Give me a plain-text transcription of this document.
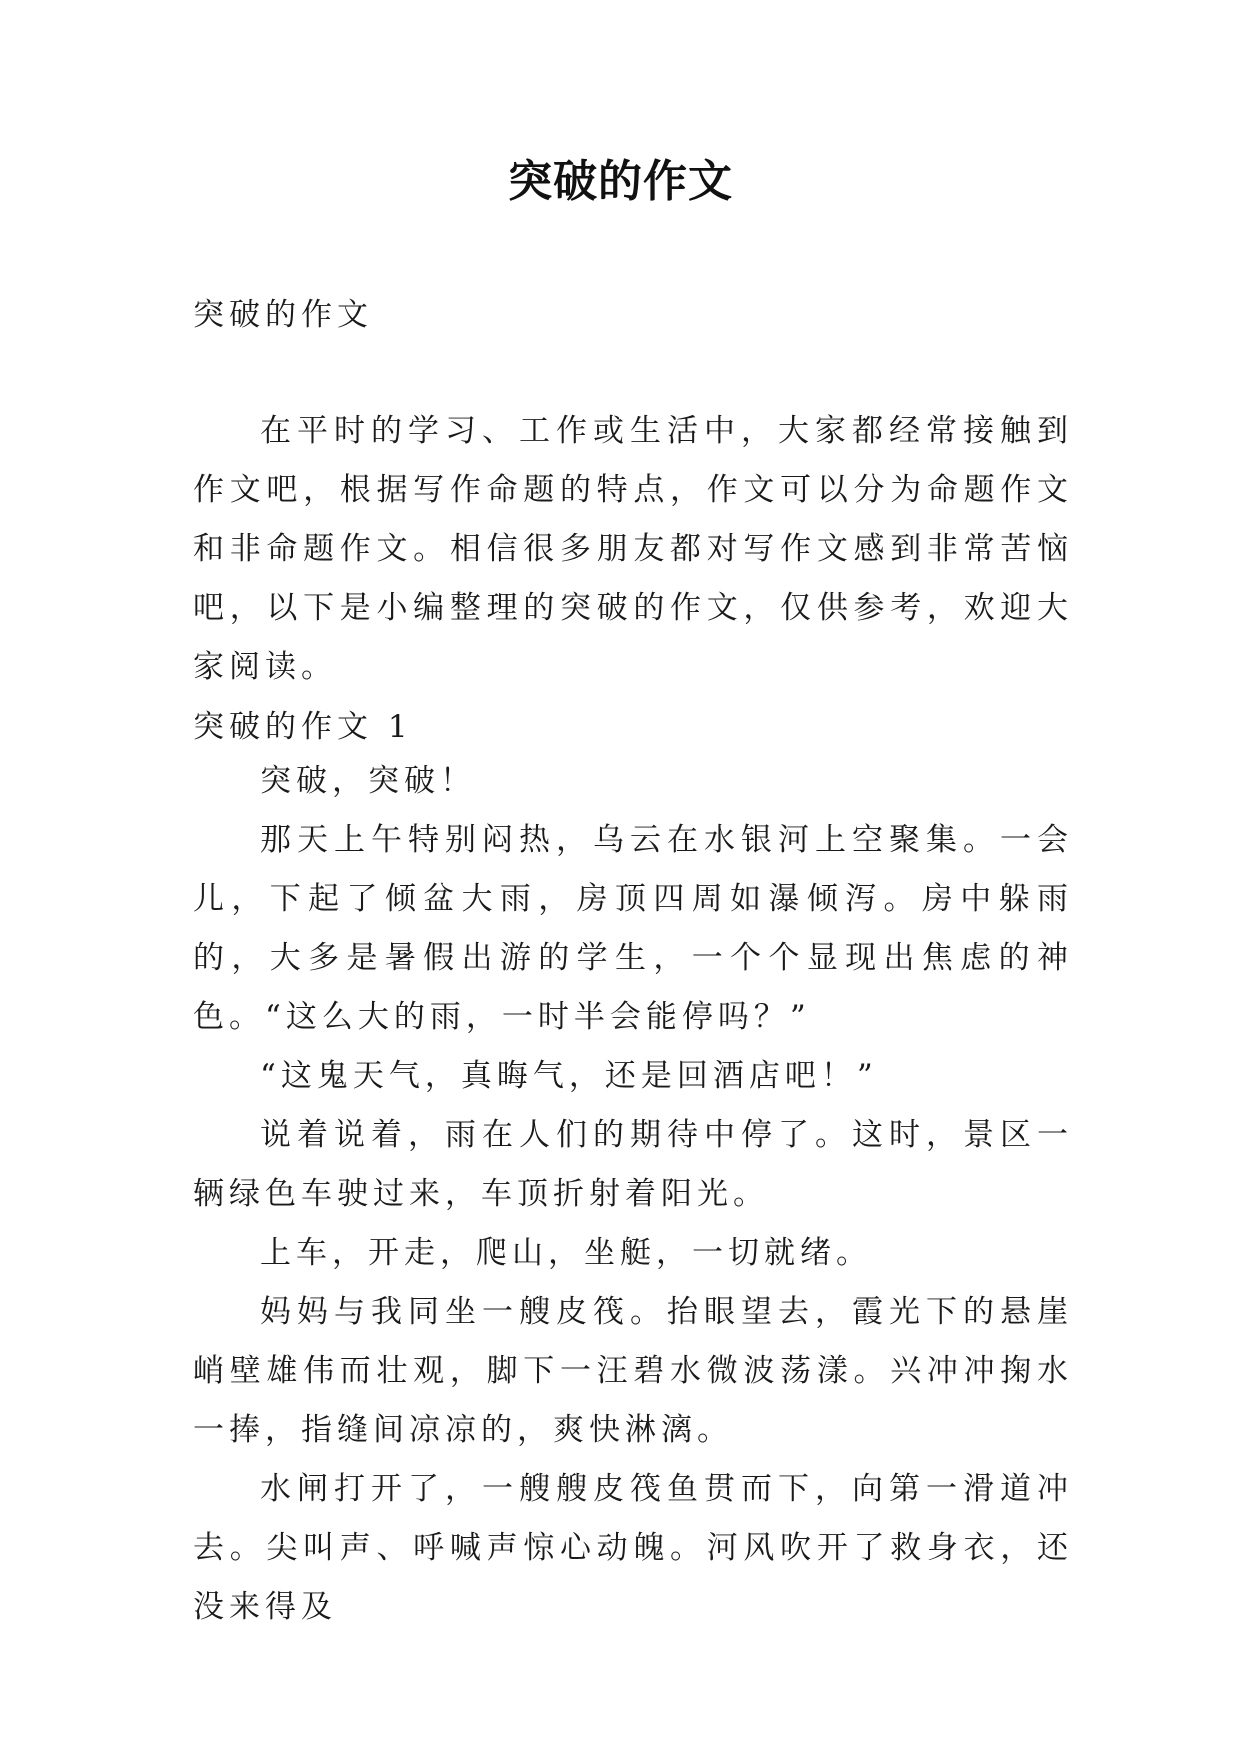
突破的作文
突破的作文

在平时的学习、工作或生活中，大家都经常接触到作文吧，根据写作命题的特点，作文可以分为命题作文和非命题作文。相信很多朋友都对写作文感到非常苦恼吧，以下是小编整理的突破的作文，仅供参考，欢迎大家阅读。

突破的作文 1

突破，突破！

那天上午特别闷热，乌云在水银河上空聚集。一会儿，下起了倾盆大雨，房顶四周如瀑倾泻。房中躲雨的，大多是暑假出游的学生，一个个显现出焦虑的神色。“这么大的雨，一时半会能停吗？”

“这鬼天气，真晦气，还是回酒店吧！”

说着说着，雨在人们的期待中停了。这时，景区一辆绿色车驶过来，车顶折射着阳光。

上车，开走，爬山，坐艇，一切就绪。

妈妈与我同坐一艘皮筏。抬眼望去，霞光下的悬崖峭壁雄伟而壮观，脚下一汪碧水微波荡漾。兴冲冲掬水一捧，指缝间凉凉的，爽快淋漓。

水闸打开了，一艘艘皮筏鱼贯而下，向第一滑道冲去。尖叫声、呼喊声惊心动魄。河风吹开了救身衣，还没来得及
